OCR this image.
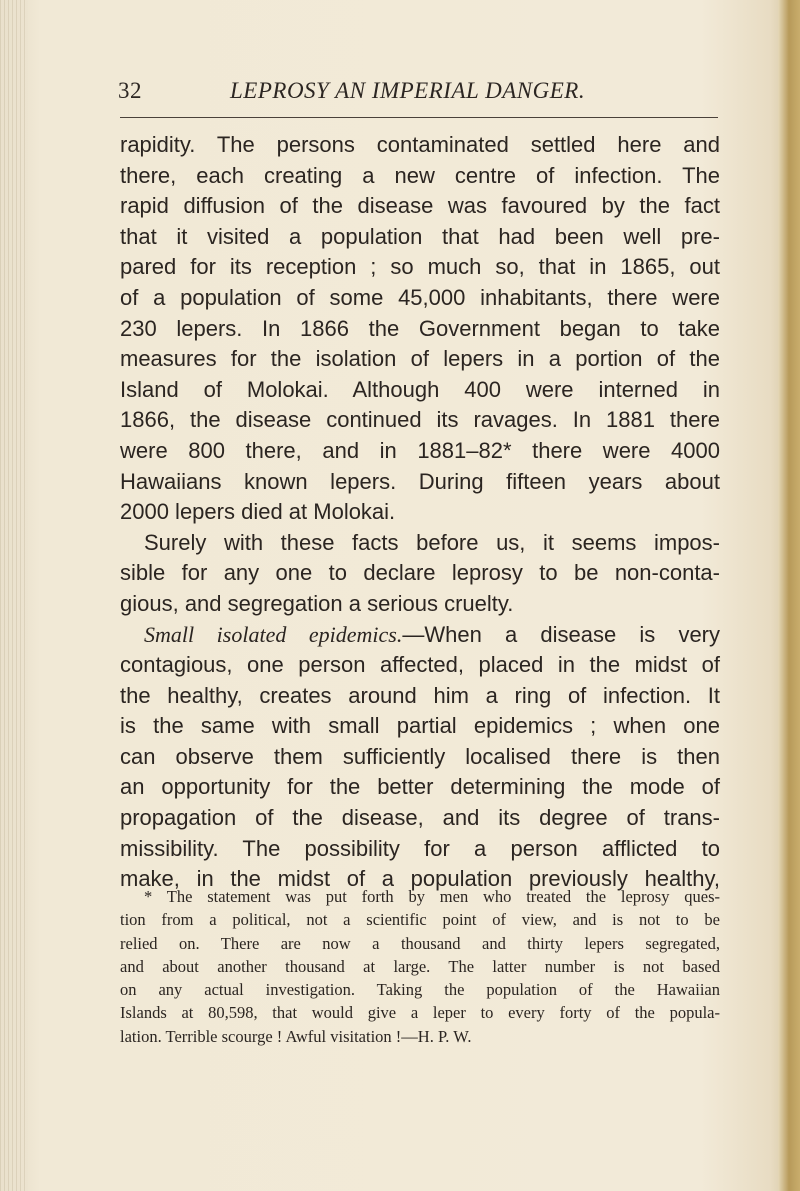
32	LEPROSY AN IMPERIAL DANGER.
rapidity. The persons contaminated settled here and
there, each creating a new centre of infection. The
rapid diffusion of the disease was favoured by the fact
that it visited a population that had been well pre-
pared for its reception ; so much so, that in 1865, out
of a population of some 45,000 inhabitants, there were
230 lepers. In 1866 the Government began to take
measures for the isolation of lepers in a portion of the
Island of Molokai. Although 400 were interned in
1866, the disease continued its ravages. In 1881 there
were 800 there, and in 1881–82* there were 4000
Hawaiians known lepers. During fifteen years about
2000 lepers died at Molokai.
Surely with these facts before us, it seems impos-
sible for any one to declare leprosy to be non-conta-
gious, and segregation a serious cruelty.
Small isolated epidemics.—When a disease is very
contagious, one person affected, placed in the midst of
the healthy, creates around him a ring of infection. It
is the same with small partial epidemics ; when one
can observe them sufficiently localised there is then
an opportunity for the better determining the mode of
propagation of the disease, and its degree of trans-
missibility. The possibility for a person afflicted to
make, in the midst of a population previously healthy,
* The statement was put forth by men who treated the leprosy ques-
tion from a political, not a scientific point of view, and is not to be
relied on. There are now a thousand and thirty lepers segregated,
and about another thousand at large. The latter number is not based
on any actual investigation. Taking the population of the Hawaiian
Islands at 80,598, that would give a leper to every forty of the popula-
lation. Terrible scourge ! Awful visitation !—H. P. W.
